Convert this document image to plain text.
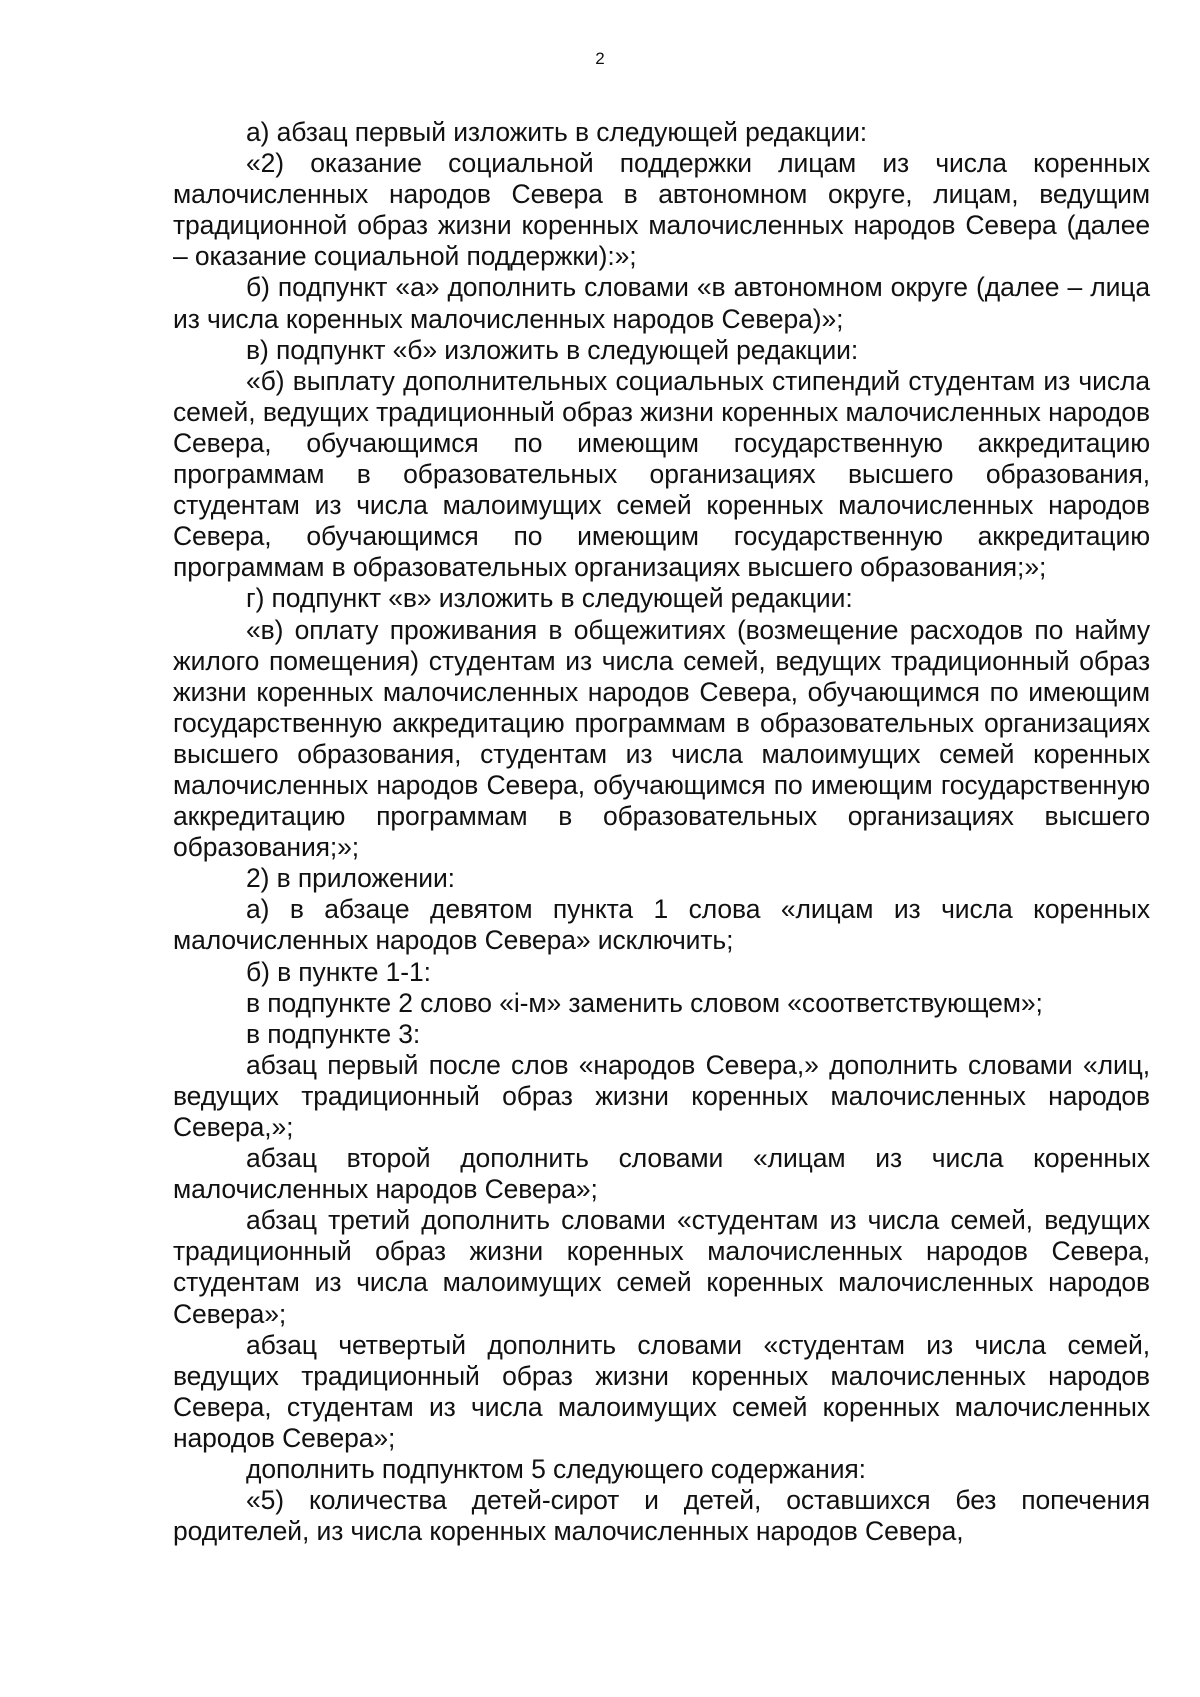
2

а) абзац первый изложить в следующей редакции:

«2) оказание социальной поддержки лицам из числа коренных малочисленных народов Севера в автономном округе, лицам, ведущим традиционной образ жизни коренных малочисленных народов Севера (далее – оказание социальной поддержки):»;

б) подпункт «а» дополнить словами «в автономном округе (далее – лица из числа коренных малочисленных народов Севера)»;

в) подпункт «б» изложить в следующей редакции:

«б) выплату дополнительных социальных стипендий студентам из числа семей, ведущих традиционный образ жизни коренных малочисленных народов Севера, обучающимся по имеющим государственную аккредитацию программам в образовательных организациях высшего образования, студентам из числа малоимущих семей коренных малочисленных народов Севера, обучающимся по имеющим государственную аккредитацию программам в образовательных организациях высшего образования;»;

г) подпункт «в» изложить в следующей редакции:

«в) оплату проживания в общежитиях (возмещение расходов по найму жилого помещения) студентам из числа семей, ведущих традиционный образ жизни коренных малочисленных народов Севера, обучающимся по имеющим государственную аккредитацию программам в образовательных организациях высшего образования, студентам из числа малоимущих семей коренных малочисленных народов Севера, обучающимся по имеющим государственную аккредитацию программам в образовательных организациях высшего образования;»;

2) в приложении:

а) в абзаце девятом пункта 1 слова «лицам из числа коренных малочисленных народов Севера» исключить;

б) в пункте 1-1:

в подпункте 2 слово «і-м» заменить словом «соответствующем»;

в подпункте 3:

абзац первый после слов «народов Севера,» дополнить словами «лиц, ведущих традиционный образ жизни коренных малочисленных народов Севера,»;

абзац второй дополнить словами «лицам из числа коренных малочисленных народов Севера»;

абзац третий дополнить словами «студентам из числа семей, ведущих традиционный образ жизни коренных малочисленных народов Севера, студентам из числа малоимущих семей коренных малочисленных народов Севера»;

абзац четвертый дополнить словами «студентам из числа семей, ведущих традиционный образ жизни коренных малочисленных народов Севера, студентам из числа малоимущих семей коренных малочисленных народов Севера»;

дополнить подпунктом 5 следующего содержания:

«5) количества детей-сирот и детей, оставшихся без попечения родителей, из числа коренных малочисленных народов Севера,
